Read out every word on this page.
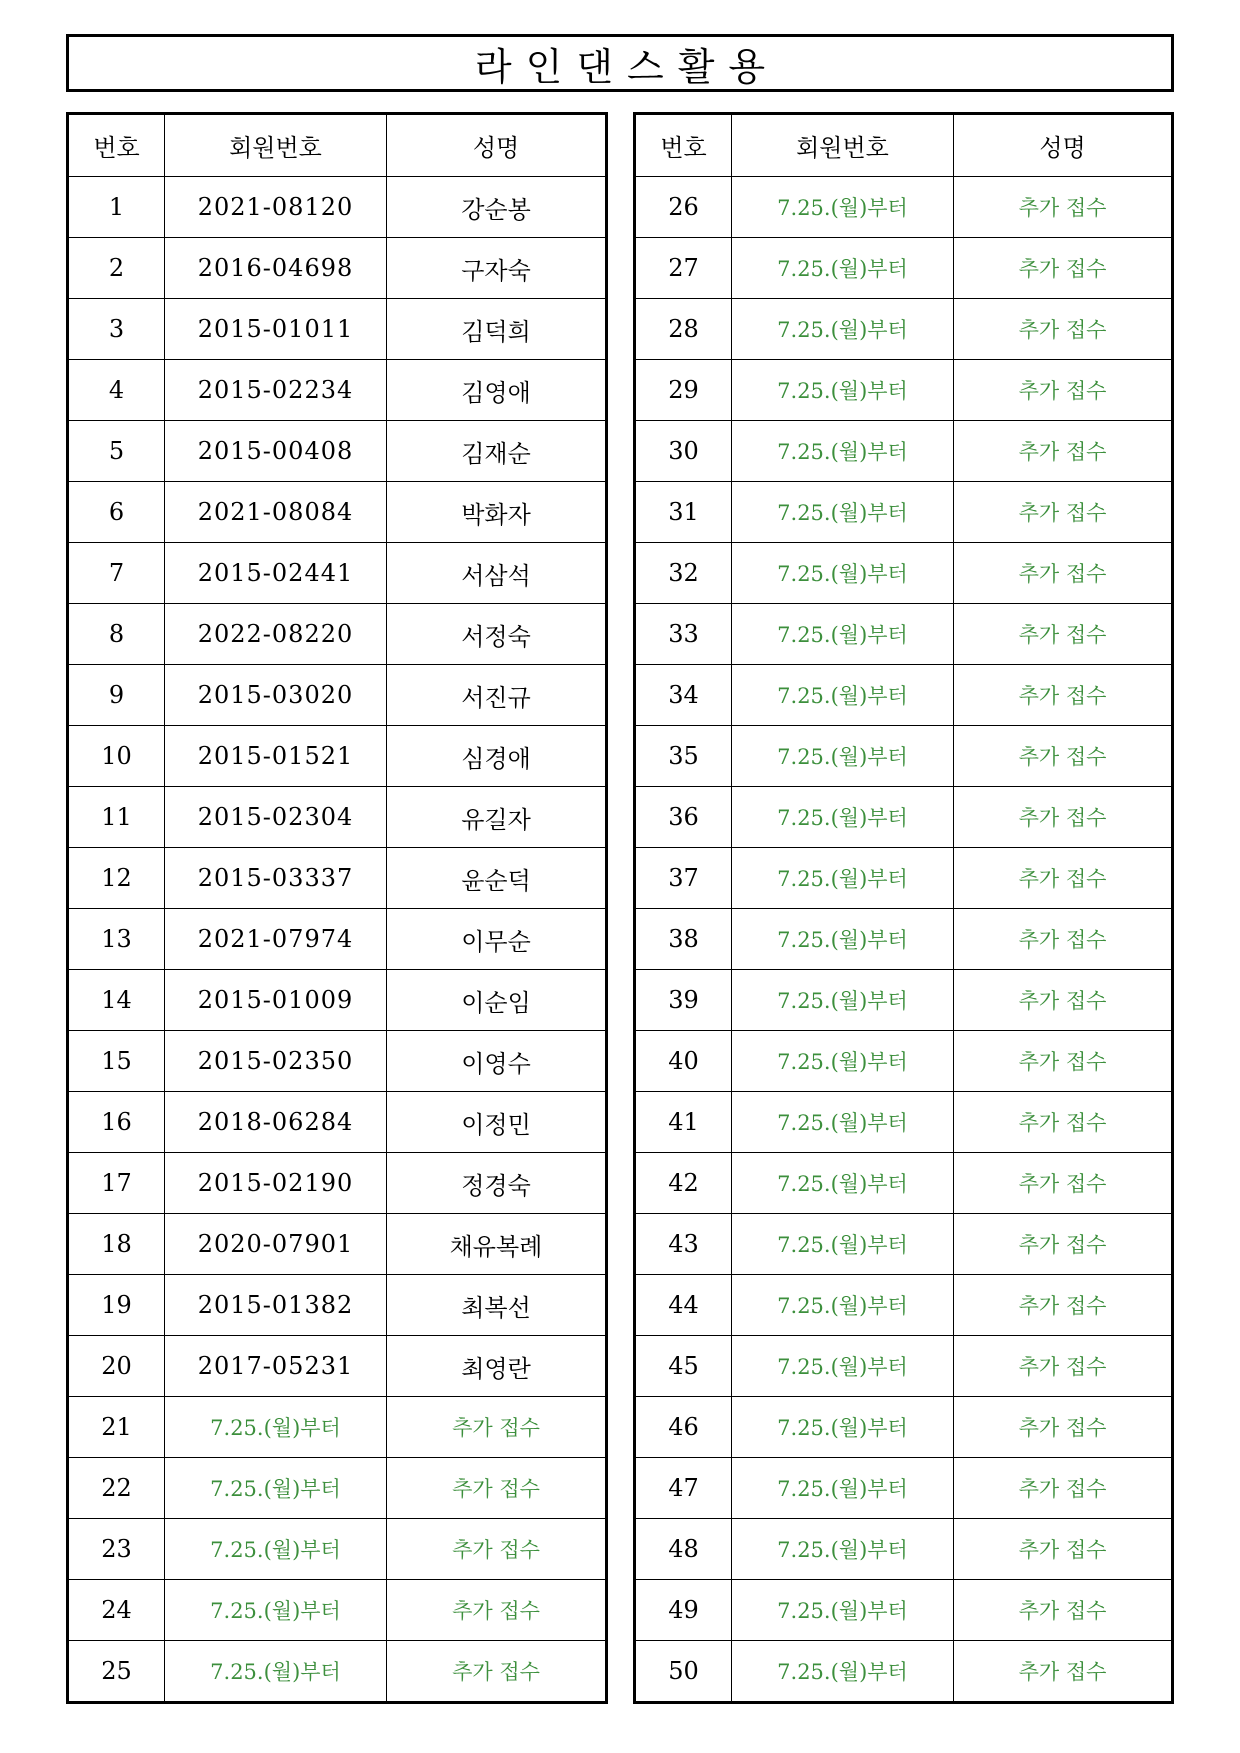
라인댄스활용
번호	회원번호	성명
1	2021-08120	강순봉
2	2016-04698	구자숙
3	2015-01011	김덕희
4	2015-02234	김영애
5	2015-00408	김재순
6	2021-08084	박화자
7	2015-02441	서삼석
8	2022-08220	서정숙
9	2015-03020	서진규
10	2015-01521	심경애
11	2015-02304	유길자
12	2015-03337	윤순덕
13	2021-07974	이무순
14	2015-01009	이순임
15	2015-02350	이영수
16	2018-06284	이정민
17	2015-02190	정경숙
18	2020-07901	채유복례
19	2015-01382	최복선
20	2017-05231	최영란
21	7.25.(월)부터	추가 접수
22	7.25.(월)부터	추가 접수
23	7.25.(월)부터	추가 접수
24	7.25.(월)부터	추가 접수
25	7.25.(월)부터	추가 접수
번호	회원번호	성명
26	7.25.(월)부터	추가 접수
27	7.25.(월)부터	추가 접수
28	7.25.(월)부터	추가 접수
29	7.25.(월)부터	추가 접수
30	7.25.(월)부터	추가 접수
31	7.25.(월)부터	추가 접수
32	7.25.(월)부터	추가 접수
33	7.25.(월)부터	추가 접수
34	7.25.(월)부터	추가 접수
35	7.25.(월)부터	추가 접수
36	7.25.(월)부터	추가 접수
37	7.25.(월)부터	추가 접수
38	7.25.(월)부터	추가 접수
39	7.25.(월)부터	추가 접수
40	7.25.(월)부터	추가 접수
41	7.25.(월)부터	추가 접수
42	7.25.(월)부터	추가 접수
43	7.25.(월)부터	추가 접수
44	7.25.(월)부터	추가 접수
45	7.25.(월)부터	추가 접수
46	7.25.(월)부터	추가 접수
47	7.25.(월)부터	추가 접수
48	7.25.(월)부터	추가 접수
49	7.25.(월)부터	추가 접수
50	7.25.(월)부터	추가 접수
